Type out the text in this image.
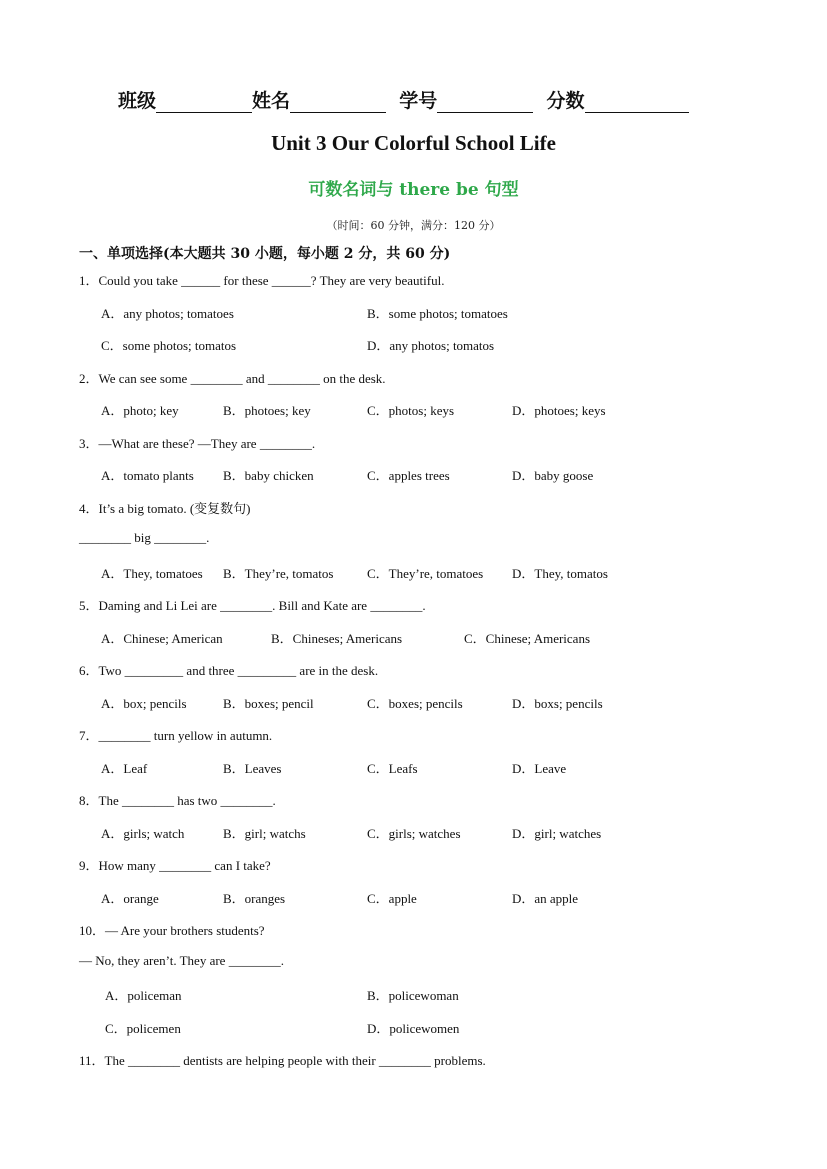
班级	姓名	学号	分数
Unit 3 Our Colorful School Life
可数名词与 there be 句型
（时间：60 分钟，满分：120 分）
一、单项选择(本大题共 30 小题，每小题 2 分，共 60 分)
1．Could you take ______ for these ______? They are very beautiful.
A．any photos; tomatoes	B．some photos; tomatoes
C．some photos; tomatos	D．any photos; tomatos
2．We can see some ________ and ________ on the desk.
A．photo; key	B．photoes; key	C．photos; keys	D．photoes; keys
3．—What are these? —They are ________.
A．tomato plants B．baby chicken	C．apples trees	D．baby goose
4．It’s a big tomato. (变复数句)
________ big ________.
A．They, tomatoes B．They’re, tomatos	C．They’re, tomatoes D．They, tomatos
5．Daming and Li Lei are ________. Bill and Kate are ________.
A．Chinese; American	B．Chineses; Americans	C．Chinese; Americans
6．Two _________ and three _________ are in the desk.
A．box; pencils	B．boxes; pencil	C．boxes; pencils	D．boxs; pencils
7．________ turn yellow in autumn.
A．Leaf	B．Leaves	C．Leafs	D．Leave
8．The ________ has two ________.
A．girls; watch	B．girl; watchs	C．girls; watches	D．girl; watches
9．How many ________ can I take?
A．orange	B．oranges	C．apple	D．an apple
10．— Are your brothers students?
— No, they aren’t. They are ________.
A．policeman	B．policewoman
C．policemen	D．policewomen
11．The ________ dentists are helping people with their ________ problems.
